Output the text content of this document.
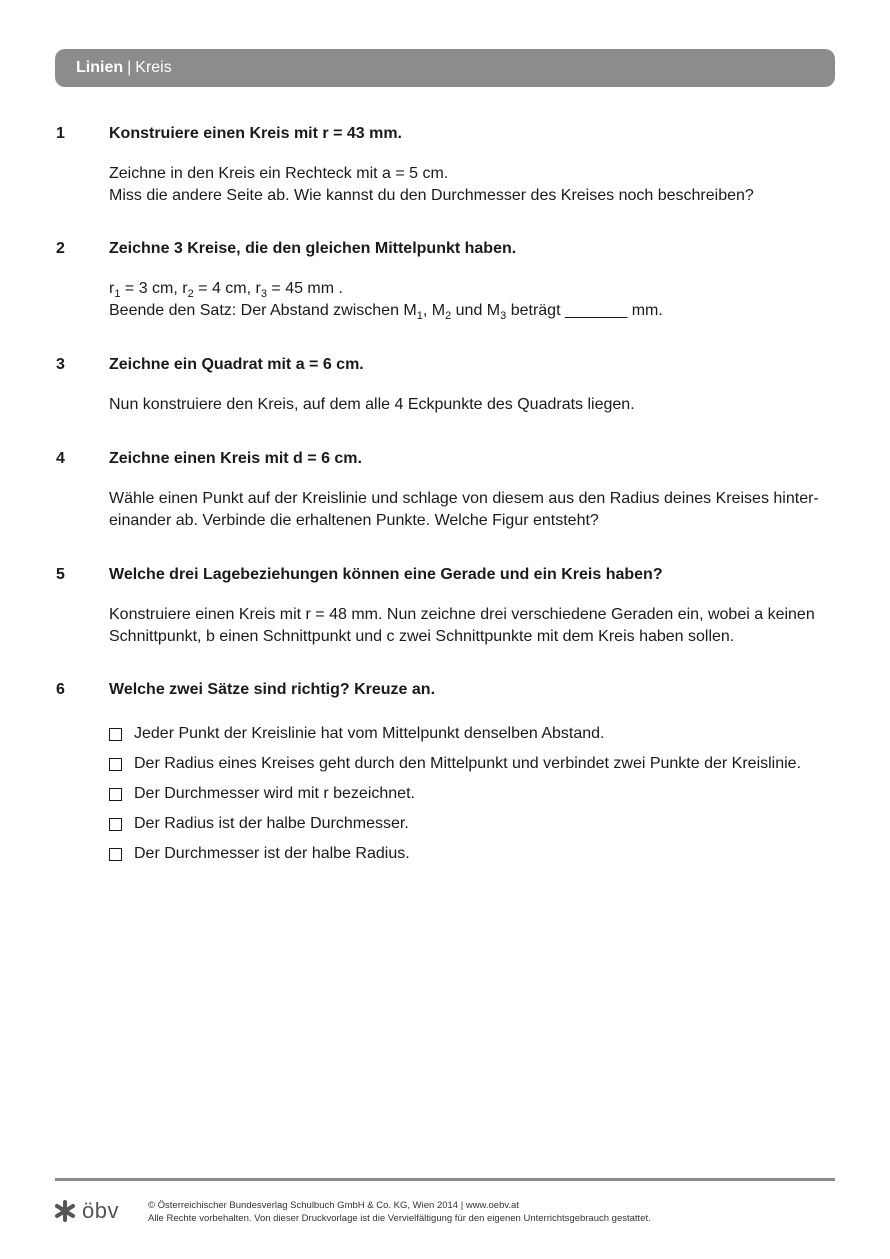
Linien | Kreis
1	Konstruiere einen Kreis mit r = 43 mm.

Zeichne in den Kreis ein Rechteck mit a = 5 cm.

Miss die andere Seite ab. Wie kannst du den Durchmesser des Kreises noch beschreiben?

2	Zeichne 3 Kreise, die den gleichen Mittelpunkt haben.

$r_1 = 3$ cm, $r_2 = 4$ cm, $r_3 = 45$ mm .

Beende den Satz: Der Abstand zwischen $M_1$, $M_2$ und $M_3$ beträgt _______ mm.

3	Zeichne ein Quadrat mit a = 6 cm.

Nun konstruiere den Kreis, auf dem alle 4 Eckpunkte des Quadrats liegen.

4	Zeichne einen Kreis mit d = 6 cm.

Wähle einen Punkt auf der Kreislinie und schlage von diesem aus den Radius deines Kreises hinter-

einander ab. Verbinde die erhaltenen Punkte. Welche Figur entsteht?

5	Welche drei Lagebeziehungen können eine Gerade und ein Kreis haben?

Konstruiere einen Kreis mit r = 48 mm. Nun zeichne drei verschiedene Geraden ein, wobei a keinen

Schnittpunkt, b einen Schnittpunkt und c zwei Schnittpunkte mit dem Kreis haben sollen.

6	Welche zwei Sätze sind richtig? Kreuze an.
Jeder Punkt der Kreislinie hat vom Mittelpunkt denselben Abstand.
Der Radius eines Kreises geht durch den Mittelpunkt und verbindet zwei Punkte der Kreislinie.
Der Durchmesser wird mit r bezeichnet.
Der Radius ist der halbe Durchmesser.
Der Durchmesser ist der halbe Radius.
öbv	© Österreichischer Bundesverlag Schulbuch GmbH & Co. KG, Wien 2014 | www.oebv.at
Alle Rechte vorbehalten. Von dieser Druckvorlage ist die Vervielfältigung für den eigenen Unterrichtsgebrauch gestattet.
